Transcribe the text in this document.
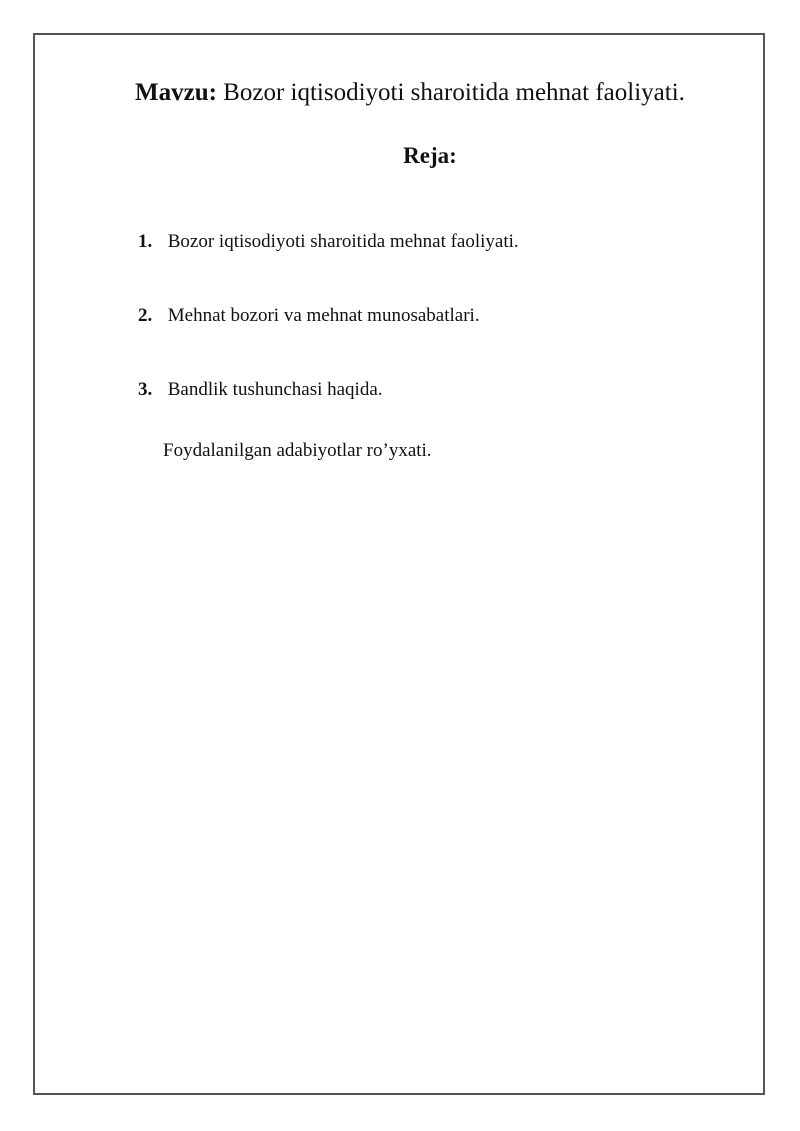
Mavzu: Bozor iqtisodiyoti sharoitida mehnat faoliyati.
Reja:
1. Bozor iqtisodiyoti sharoitida mehnat faoliyati.
2. Mehnat bozori va mehnat munosabatlari.
3. Bandlik tushunchasi haqida.
Foydalanilgan adabiyotlar ro’yxati.
